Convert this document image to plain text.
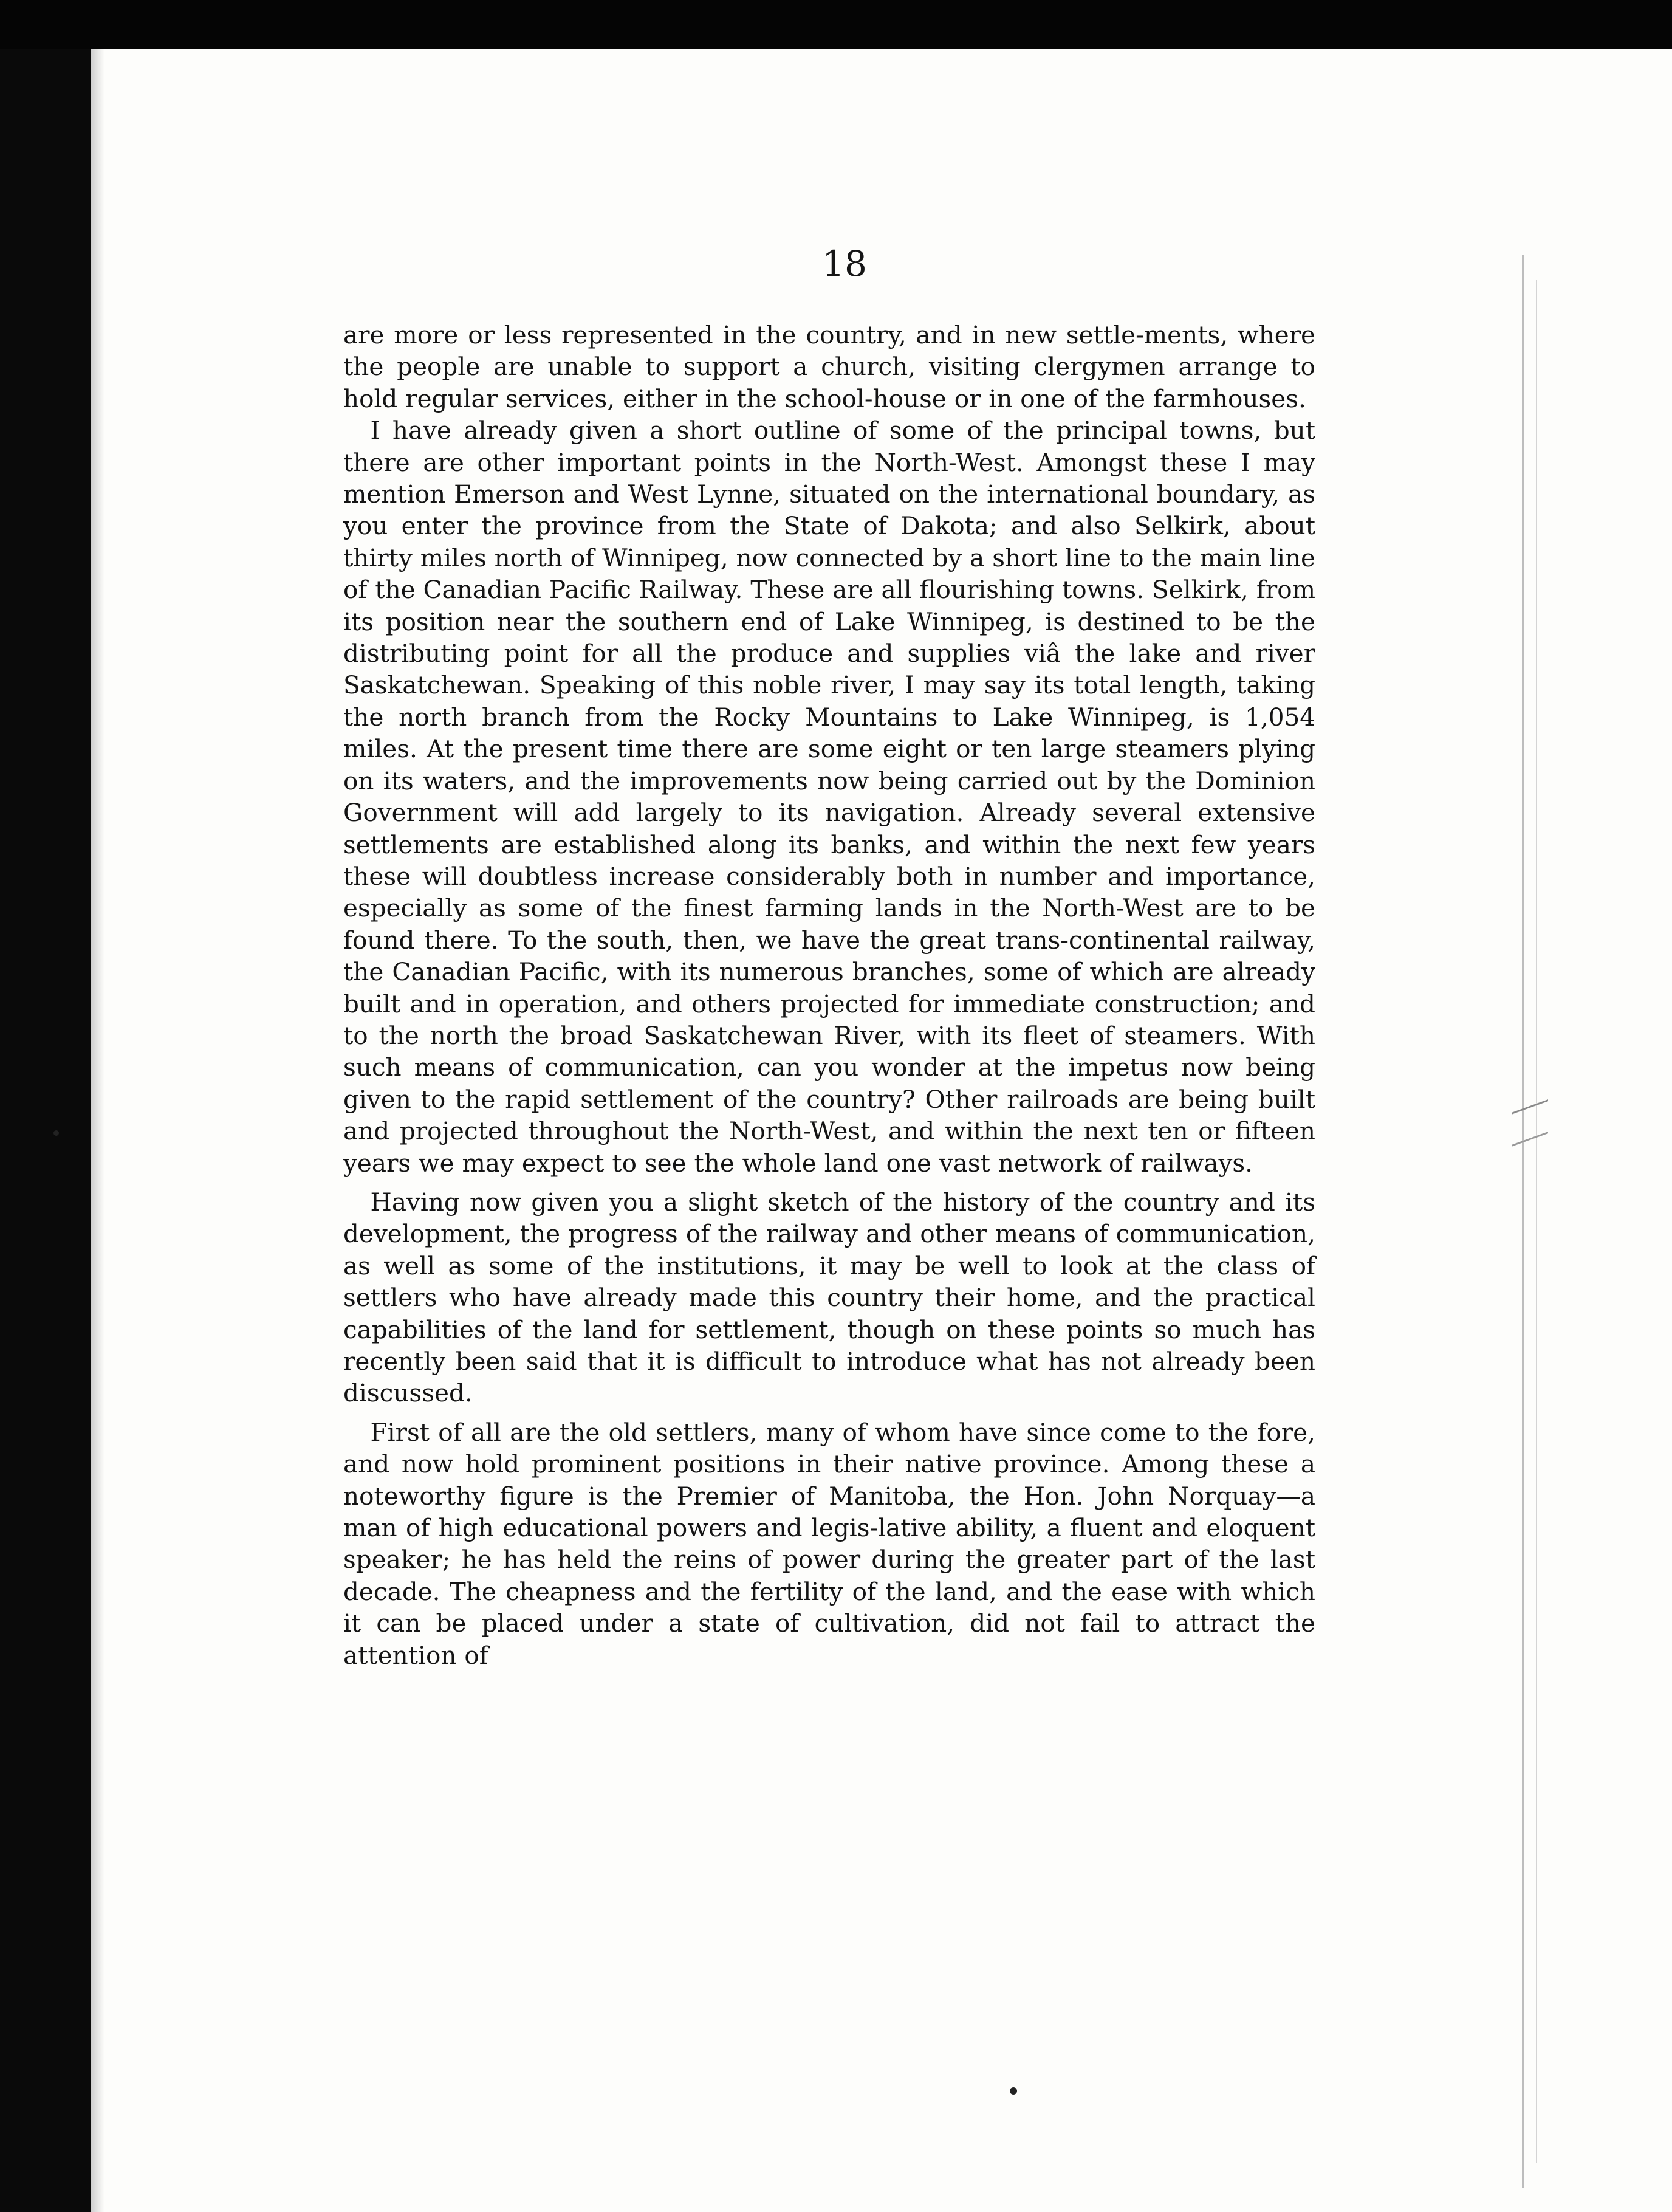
18

are more or less represented in the country, and in new settle-ments, where the people are unable to support a church, visiting clergymen arrange to hold regular services, either in the school-house or in one of the farmhouses.

I have already given a short outline of some of the principal towns, but there are other important points in the North-West. Amongst these I may mention Emerson and West Lynne, situated on the international boundary, as you enter the province from the State of Dakota; and also Selkirk, about thirty miles north of Winnipeg, now connected by a short line to the main line of the Canadian Pacific Railway. These are all flourishing towns. Selkirk, from its position near the southern end of Lake Winnipeg, is destined to be the distributing point for all the produce and supplies viâ the lake and river Saskatchewan. Speaking of this noble river, I may say its total length, taking the north branch from the Rocky Mountains to Lake Winnipeg, is 1,054 miles. At the present time there are some eight or ten large steamers plying on its waters, and the improvements now being carried out by the Dominion Government will add largely to its navigation. Already several extensive settlements are established along its banks, and within the next few years these will doubtless increase considerably both in number and importance, especially as some of the finest farming lands in the North-West are to be found there. To the south, then, we have the great trans-continental railway, the Canadian Pacific, with its numerous branches, some of which are already built and in operation, and others projected for immediate construction; and to the north the broad Saskatchewan River, with its fleet of steamers. With such means of communication, can you wonder at the impetus now being given to the rapid settlement of the country? Other railroads are being built and projected throughout the North-West, and within the next ten or fifteen years we may expect to see the whole land one vast network of railways.

Having now given you a slight sketch of the history of the country and its development, the progress of the railway and other means of communication, as well as some of the institutions, it may be well to look at the class of settlers who have already made this country their home, and the practical capabilities of the land for settlement, though on these points so much has recently been said that it is difficult to introduce what has not already been discussed.

First of all are the old settlers, many of whom have since come to the fore, and now hold prominent positions in their native province. Among these a noteworthy figure is the Premier of Manitoba, the Hon. John Norquay—a man of high educational powers and legis-lative ability, a fluent and eloquent speaker; he has held the reins of power during the greater part of the last decade. The cheapness and the fertility of the land, and the ease with which it can be placed under a state of cultivation, did not fail to attract the attention of
